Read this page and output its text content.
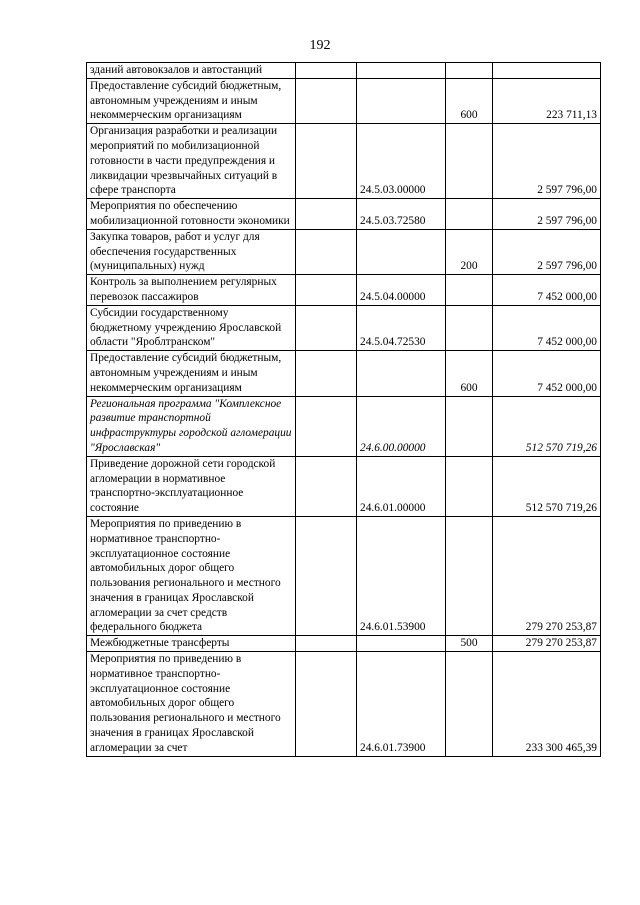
192
зданий автовокзалов и автостанций				
Предоставление субсидий бюджетным, автономным учреждениям и иным некоммерческим организациям			600	223 711,13
Организация разработки и реализации мероприятий по мобилизационной готовности в части предупреждения и ликвидации чрезвычайных ситуаций в сфере транспорта		24.5.03.00000		2 597 796,00
Мероприятия по обеспечению мобилизационной готовности экономики		24.5.03.72580		2 597 796,00
Закупка товаров, работ и услуг для обеспечения государственных (муниципальных) нужд			200	2 597 796,00
Контроль за выполнением регулярных перевозок пассажиров		24.5.04.00000		7 452 000,00
Субсидии государственному бюджетному учреждению Ярославской области "Яроблтранском"		24.5.04.72530		7 452 000,00
Предоставление субсидий бюджетным, автономным учреждениям и иным некоммерческим организациям			600	7 452 000,00
Региональная программа "Комплексное развитие транспортной инфраструктуры городской агломерации "Ярославская"		24.6.00.00000		512 570 719,26
Приведение дорожной сети городской агломерации в нормативное транспортно-эксплуатационное состояние		24.6.01.00000		512 570 719,26
Мероприятия по приведению в нормативное транспортно-эксплуатационное состояние автомобильных дорог общего пользования регионального и местного значения в границах Ярославской агломерации за счет средств федерального бюджета		24.6.01.53900		279 270 253,87
Межбюджетные трансферты			500	279 270 253,87
Мероприятия по приведению в нормативное транспортно-эксплуатационное состояние автомобильных дорог общего пользования регионального и местного значения в границах Ярославской агломерации за счет		24.6.01.73900		233 300 465,39
